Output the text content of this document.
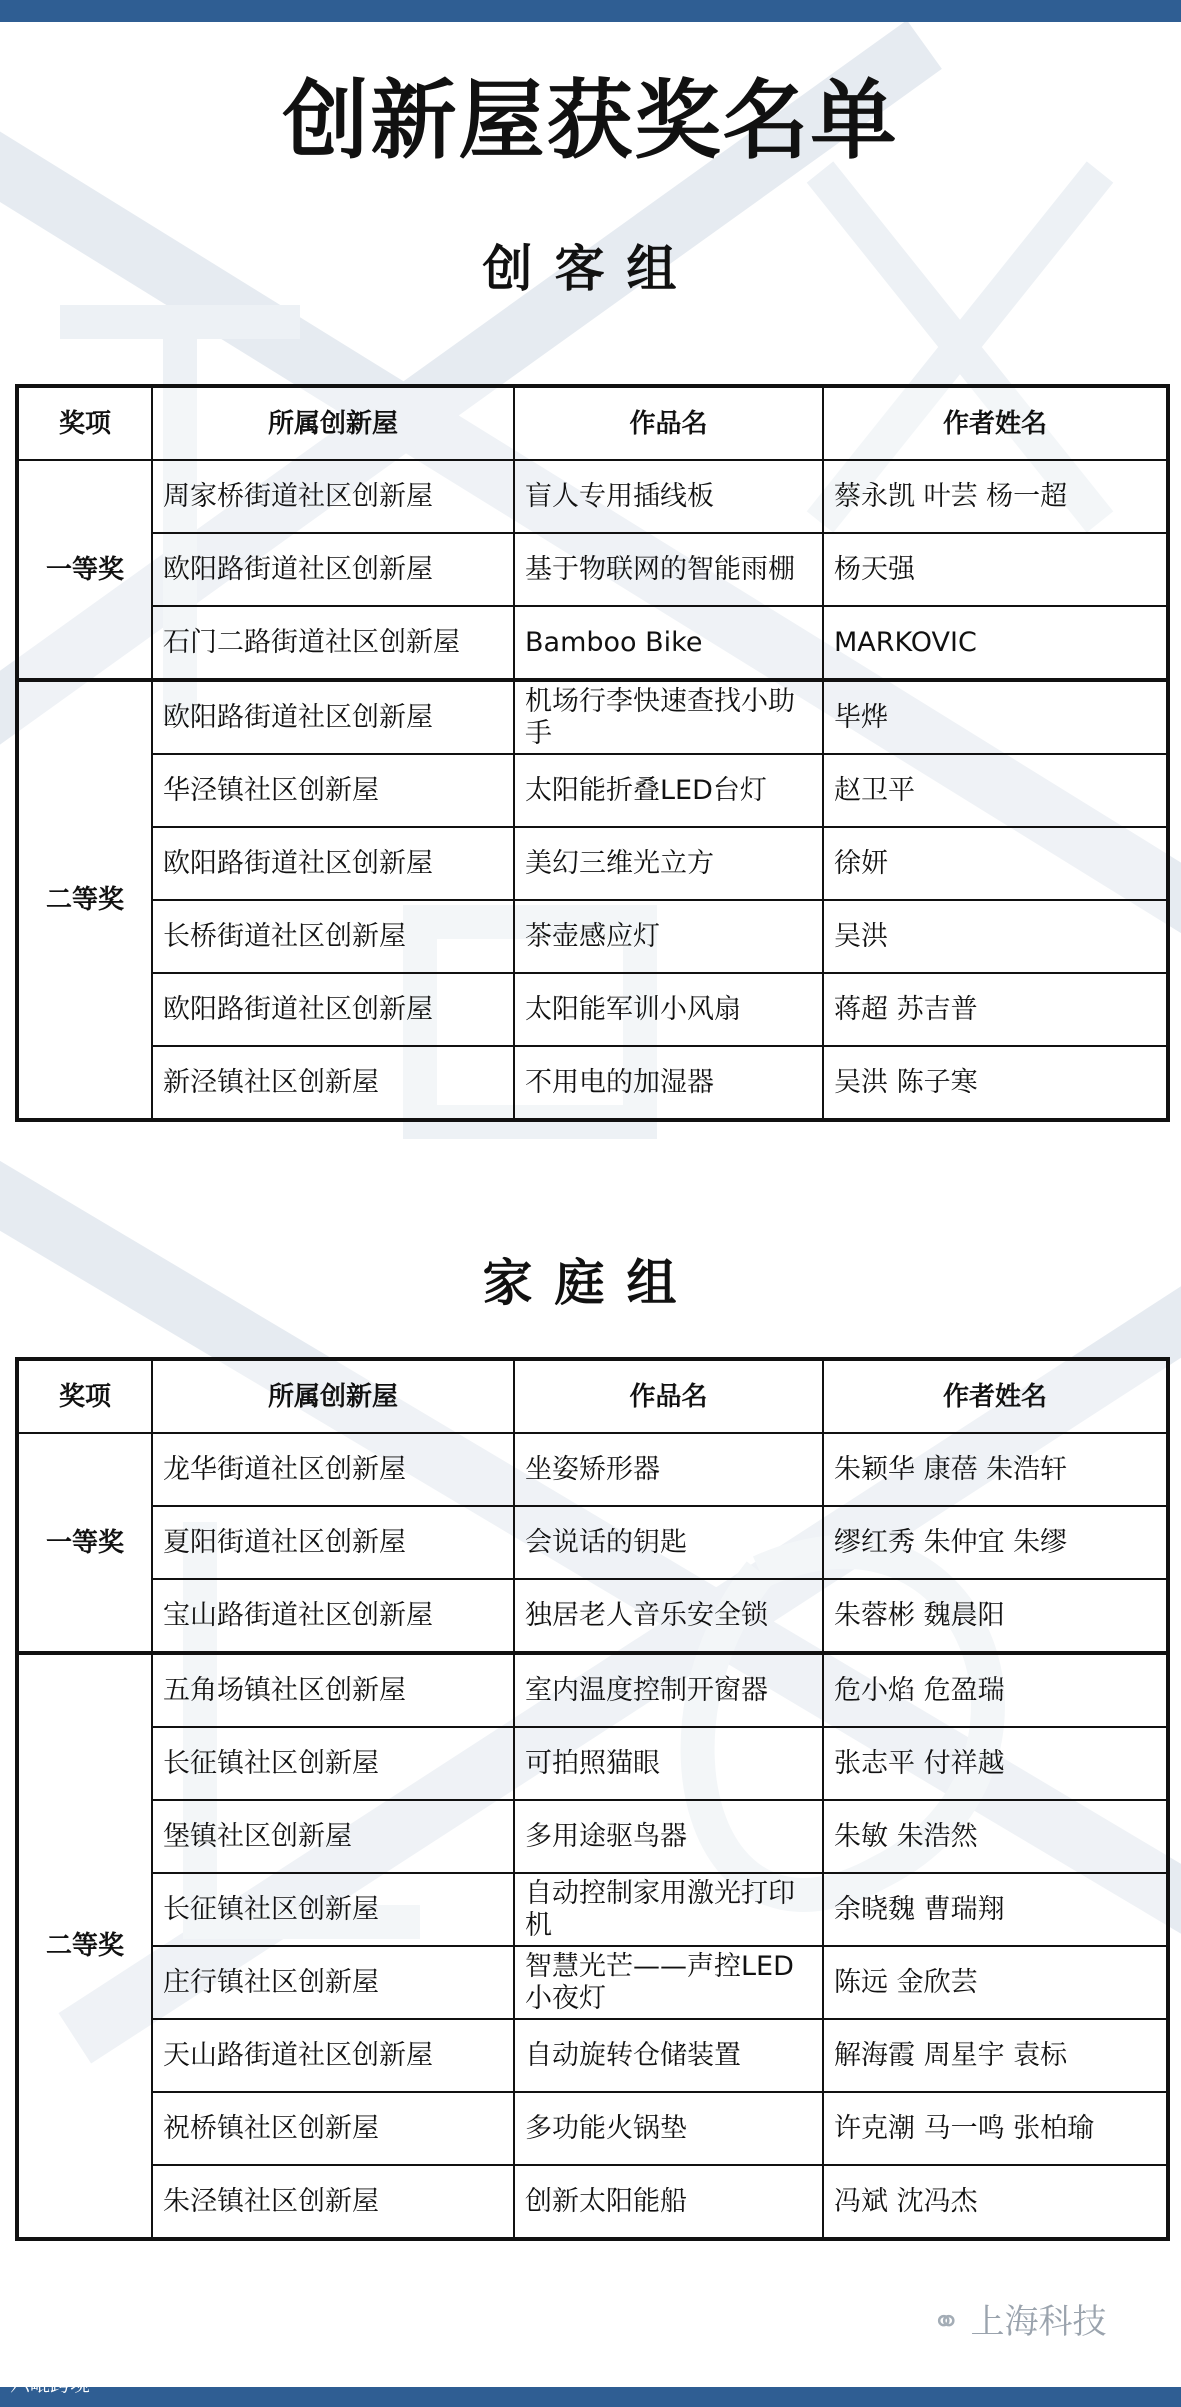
创新屋获奖名单
创客组
奖项	所属创新屋	作品名	作者姓名
一等奖	周家桥街道社区创新屋	盲人专用插线板	蔡永凯 叶芸 杨一超
	欧阳路街道社区创新屋	基于物联网的智能雨棚	杨天强
	石门二路街道社区创新屋	Bamboo Bike	MARKOVIC
二等奖	欧阳路街道社区创新屋	机场行李快速查找小助手	毕烨
	华泾镇社区创新屋	太阳能折叠LED台灯	赵卫平
	欧阳路街道社区创新屋	美幻三维光立方	徐妍
	长桥街道社区创新屋	茶壶感应灯	吴洪
	欧阳路街道社区创新屋	太阳能军训小风扇	蒋超 苏吉普
	新泾镇社区创新屋	不用电的加湿器	吴洪 陈子寒
家庭组
奖项	所属创新屋	作品名	作者姓名
一等奖	龙华街道社区创新屋	坐姿矫形器	朱颖华 康蓓 朱浩轩
	夏阳街道社区创新屋	会说话的钥匙	缪红秀 朱仲宜 朱缪
	宝山路街道社区创新屋	独居老人音乐安全锁	朱蓉彬 魏晨阳
二等奖	五角场镇社区创新屋	室内温度控制开窗器	危小焰 危盈瑞
	长征镇社区创新屋	可拍照猫眼	张志平 付祥越
	堡镇社区创新屋	多用途驱鸟器	朱敏 朱浩然
	长征镇社区创新屋	自动控制家用激光打印机	余晓魏 曹瑞翔
	庄行镇社区创新屋	智慧光芒——声控LED小夜灯	陈远 金欣芸
	天山路街道社区创新屋	自动旋转仓储装置	解海霞 周星宇 袁标
	祝桥镇社区创新屋	多功能火锅垫	许克潮 马一鸣 张柏瑜
	朱泾镇社区创新屋	创新太阳能船	冯斌 沈冯杰
⚭ 上海科技
六毗跨境
